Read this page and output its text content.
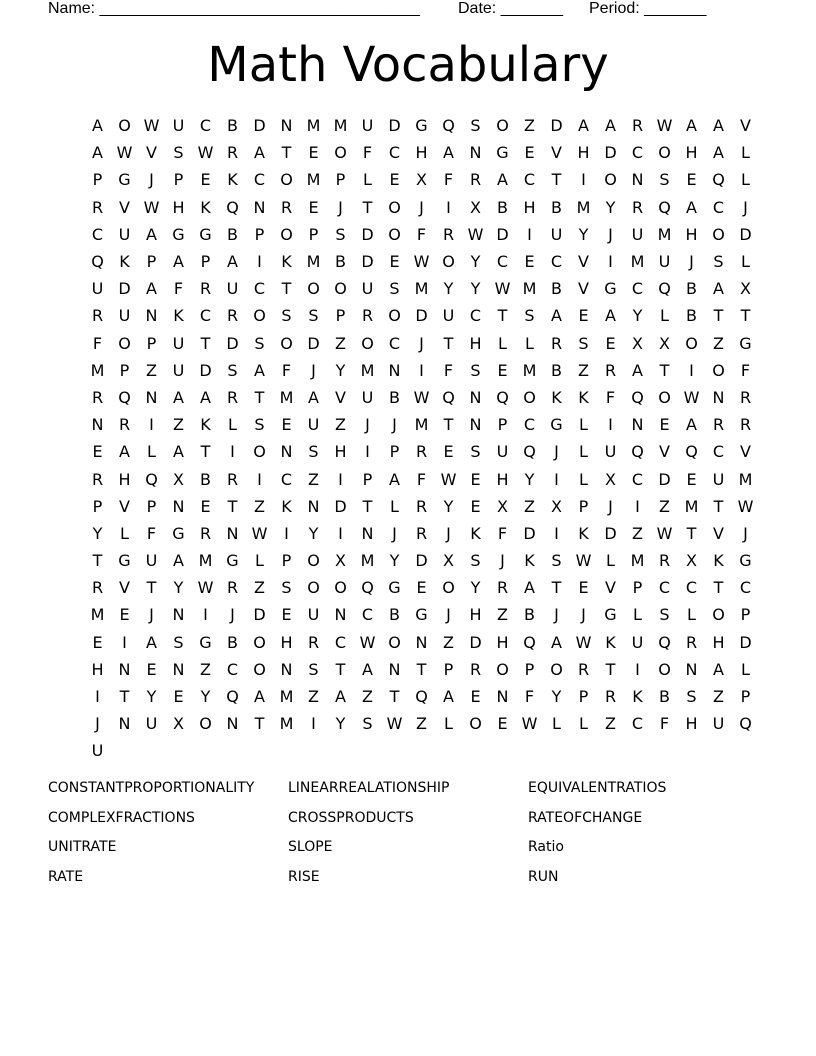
Name: ____________________________________ Date: _______ Period: _______
Math Vocabulary
A O W U C B D N M M U D G Q S O Z D A	A R W A	A	V
A W V	S W R A	T	E O	F	C H A N G E	V H D C O H A	L
P G	J	P	E	K	C O M P	L	E	X	F	R A C	T	I	O N S	E Q	L
R V W H K Q N R	E	J	T O	J	I	X	B H B M Y	R Q A C	J
C U A G G B	P O P	S D O	F	R W D	I	U	Y	J	U M H O D
Q K	P	A	P	A	I	K M B D E W O Y	C	E	C V	I	M U	J	S	L
U D A	F	R U C	T O O U	S M Y	Y W M B	V G C Q B	A	X
R U N K	C R O S	S	P	R O D U C	T	S	A	E	A	Y	L	B	T	T
F	O P	U	T D S O D Z O C	J	T	H	L	L	R	S	E	X	X O Z G
M P	Z U D S	A	F	J	Y M N	I	F	S	E M B	Z R A	T	I	O	F
R Q N A	A R	T M A	V U B W Q N Q O K	K	F	Q O W N R
N R	I	Z	K	L	S	E	U Z	J	J	M T	N	P	C G	L	I	N E	A R R
E	A	L	A	T	I	O N S H	I	P	R	E	S	U Q	J	L	U Q V Q C V
R H Q X	B R	I	C Z	I	P	A	F W E H	Y	I	L	X C D E	U M
P	V	P	N E	T	Z	K N D T	L	R	Y	E	X	Z	X	P	J	I	Z M T W
Y	L	F	G R N W	I	Y	I	N	J	R	J	K	F	D	I	K D Z W T	V	J
T G U A M G	L	P O X M Y D X	S	J	K	S W L M R X	K G
R V	T	Y W R Z	S O O Q G E O Y	R A	T	E	V	P	C C	T	C
M E	J	N	I	J	D E	U N C B G	J	H Z	B	J	J	G	L	S	L	O P
E	I	A	S G B O H R C W O N Z D H Q A W K U Q R H D
H N E N Z C O N S	T	A N	T	P	R O P O R	T	I	O N A	L
I	T	Y	E	Y Q A M Z	A	Z	T Q A	E N	F	Y	P	R	K	B	S	Z	P
J	N U X O N	T M	I	Y	S W Z	L	O E W L	L	Z C	F	H U Q
U
CONSTANTPROPORTIONALITY	LINEARREALATIONSHIP	EQUIVALENTRATIOS
COMPLEXFRACTIONS	CROSSPRODUCTS	RATEOFCHANGE
UNITRATE	SLOPE	Ratio
RATE	RISE	RUN
